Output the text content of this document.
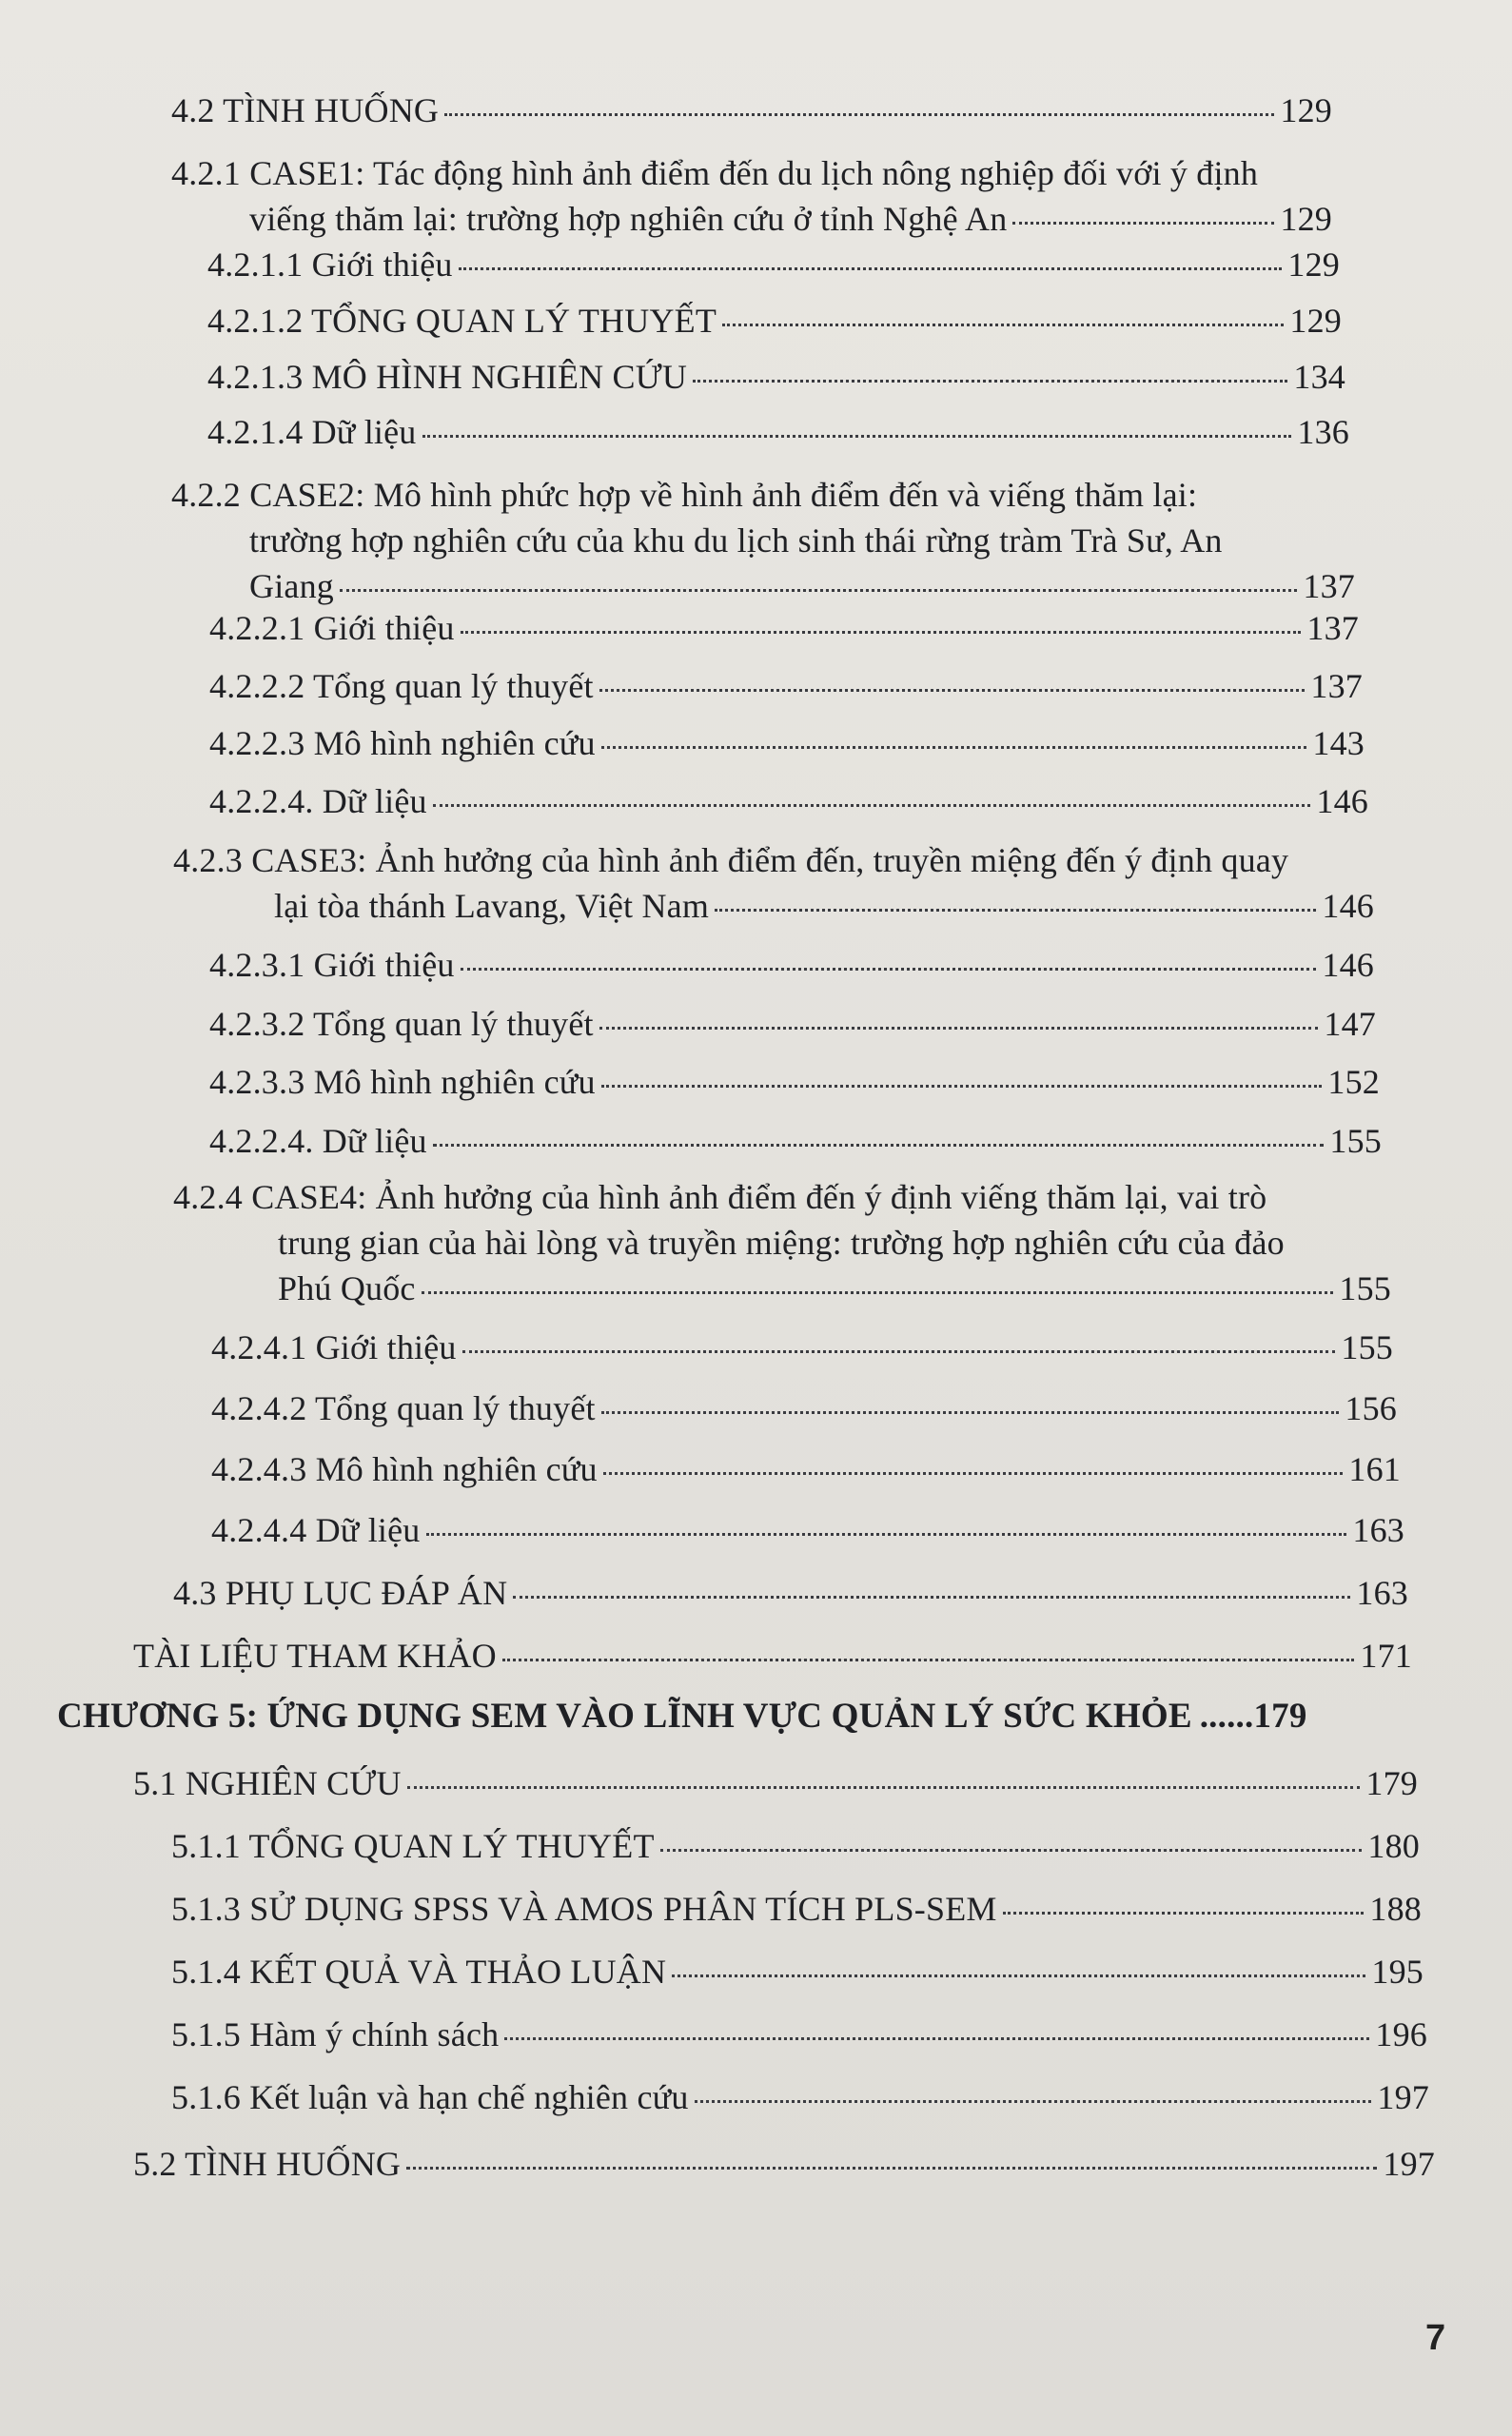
4.2 TÌNH HUỐNG	129
4.2.1 CASE1: Tác động hình ảnh điểm đến du lịch nông nghiệp đối với ý định
viếng thăm lại: trường hợp nghiên cứu ở tỉnh Nghệ An	129
4.2.1.1 Giới thiệu	129
4.2.1.2 TỔNG QUAN LÝ THUYẾT	129
4.2.1.3 MÔ HÌNH NGHIÊN CỨU	134
4.2.1.4 Dữ liệu	136
4.2.2 CASE2: Mô hình phức hợp về hình ảnh điểm đến và viếng thăm lại:
trường hợp nghiên cứu của khu du lịch sinh thái rừng tràm Trà Sư, An
Giang	137
4.2.2.1 Giới thiệu	137
4.2.2.2 Tổng quan lý thuyết	137
4.2.2.3 Mô hình nghiên cứu	143
4.2.2.4. Dữ liệu	146
4.2.3 CASE3: Ảnh hưởng của hình ảnh điểm đến, truyền miệng đến ý định quay
lại tòa thánh Lavang, Việt Nam	146
4.2.3.1 Giới thiệu	146
4.2.3.2 Tổng quan lý thuyết	147
4.2.3.3 Mô hình nghiên cứu	152
4.2.2.4. Dữ liệu	155
4.2.4 CASE4: Ảnh hưởng của hình ảnh điểm đến ý định viếng thăm lại, vai trò
trung gian của hài lòng và truyền miệng: trường hợp nghiên cứu của đảo
Phú Quốc	155
4.2.4.1 Giới thiệu	155
4.2.4.2 Tổng quan lý thuyết	156
4.2.4.3 Mô hình nghiên cứu	161
4.2.4.4 Dữ liệu	163
4.3 PHỤ LỤC ĐÁP ÁN	163
TÀI LIỆU THAM KHẢO	171
CHƯƠNG 5: ỨNG DỤNG SEM VÀO LĨNH VỰC QUẢN LÝ SỨC KHỎE ...... 179
5.1 NGHIÊN CỨU	179
5.1.1 TỔNG QUAN LÝ THUYẾT	180
5.1.3 SỬ DỤNG SPSS VÀ AMOS PHÂN TÍCH PLS-SEM	188
5.1.4 KẾT QUẢ VÀ THẢO LUẬN	195
5.1.5 Hàm ý chính sách	196
5.1.6 Kết luận và hạn chế nghiên cứu	197
5.2 TÌNH HUỐNG	197
7
